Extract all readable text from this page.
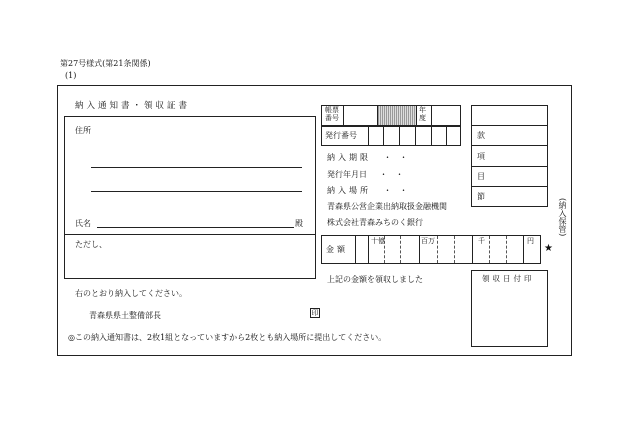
第27号様式(第21条関係)
(1)
納入通知書・領収証書
住所
氏名	殿
ただし、
右のとおり納入してください。
青森県県土整備部長	印
◎この納入通知書は、2枚1組となっていますから2枚とも納入場所に提出してください。
帳票
番号
年
度
発行番号
納入期限 ・　・
発行年月日 ・　・
納入場所 ・　・
青森県公営企業出納取扱金融機関
株式会社青森みちのく銀行
金額
十億	百万	千	円
★
上記の金額を領収しました
款
項
目
節
(納入保管)
領収日付印
